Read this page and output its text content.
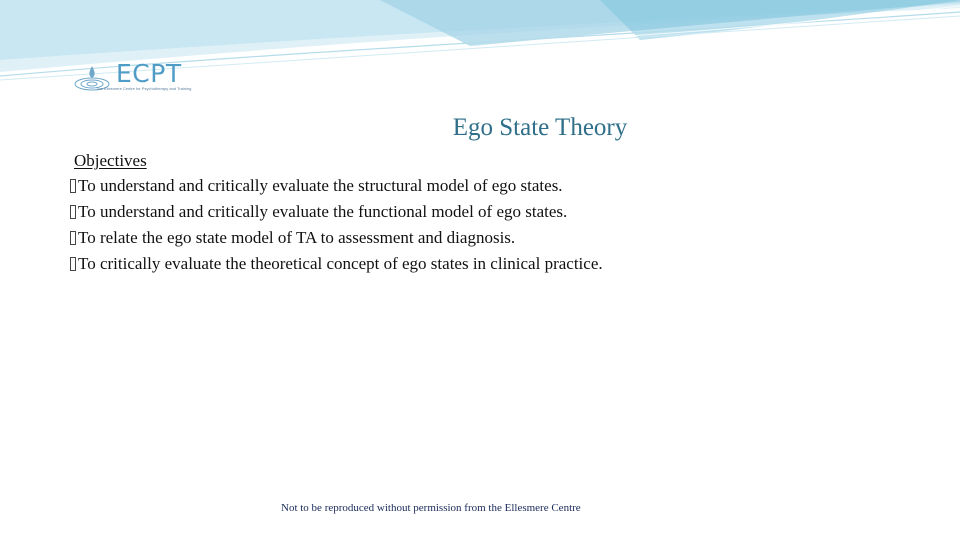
ECPT
The Ellesmere Centre for Psychotherapy and Training
Ego State Theory
Objectives
To understand and critically evaluate the structural model of ego states.
To understand and critically evaluate the functional model of ego states.
To relate the ego state model of TA to assessment and diagnosis.
To critically evaluate the theoretical concept of ego states in clinical practice.
Not to be reproduced without permission from the Ellesmere Centre
